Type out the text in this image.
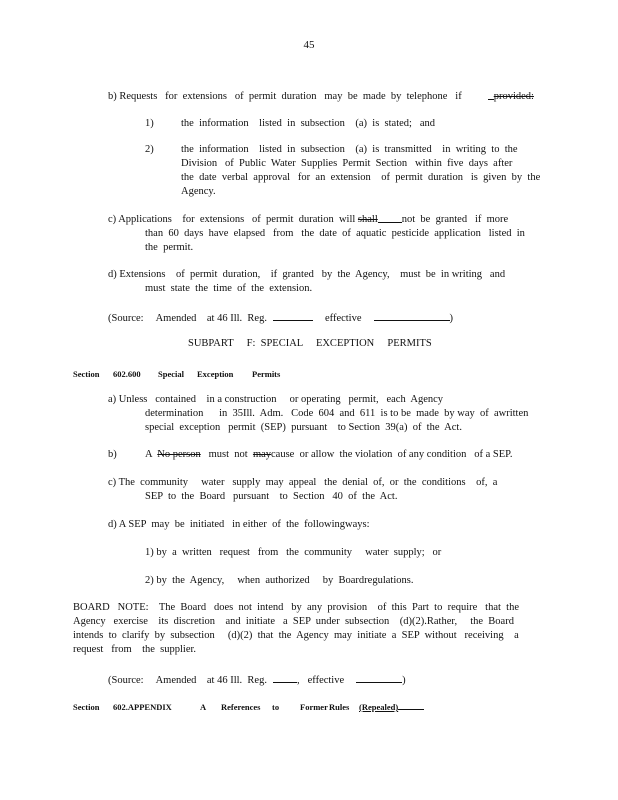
45
b) Requests   for  extensions   of  permit  duration   may  be  made  by  telephone   if	provided:
1)	the  information    listed  in  subsection    (a)  is  stated;   and
2)	the  information    listed  in  subsection    (a)  is  transmitted    in  writing  to  the
Division   of  Public  Water  Supplies  Permit  Section   within  five  days  after
the  date  verbal  approval   for  an  extension    of  permit  duration   is  given  by  the
Agency.
c) Applications    for  extensions   of  permit  duration  will shall not  be  granted   if  more
than  60  days  have  elapsed   from   the  date  of  aquatic  pesticide  application   listed  in
the  permit.
d) Extensions    of  permit  duration,    if  granted   by  the  Agency,    must  be  in writing   and
must  state  the  time  of  the  extension.
(Source: Amended    at 46 Ill.  Reg.	effective	)
SUBPART     F:  SPECIAL     EXCEPTION     PERMITS
Section 602.600 Special Exception Permits
a) Unless   contained    in a construction     or operating   permit,   each  Agency
determination      in  35Ill.  Adm.   Code  604  and  611  is to be  made  by way  of  awritten
special  exception   permit  (SEP)  pursuant    to Section  39(a)  of  the  Act.
b)	A No person must  not maycause  or allow  the violation  of any condition   of a SEP.
c) The  community     water   supply  may  appeal   the  denial  of,  or  the  conditions    of,  a
SEP  to  the  Board   pursuant    to  Section   40  of  the  Act.
d) A SEP  may  be  initiated   in either  of  the  followingways:
1) by  a  written   request   from   the  community     water  supply;   or
2) by  the  Agency,     when  authorized     by  Boardregulations.
BOARD   NOTE:    The  Board   does  not  intend   by  any  provision    of  this  Part  to  require   that  the
Agency   exercise    its  discretion    and  initiate   a  SEP  under  subsection    (d)(2).Rather,     the  Board
intends  to  clarify  by  subsection     (d)(2)  that  the  Agency  may  initiate  a  SEP  without   receiving    a
request   from    the  supplier.
(Source: Amended    at 46 Ill.  Reg.	, effective	)
Section 602.APPENDIX	A References to Former Rules (Repealed)
